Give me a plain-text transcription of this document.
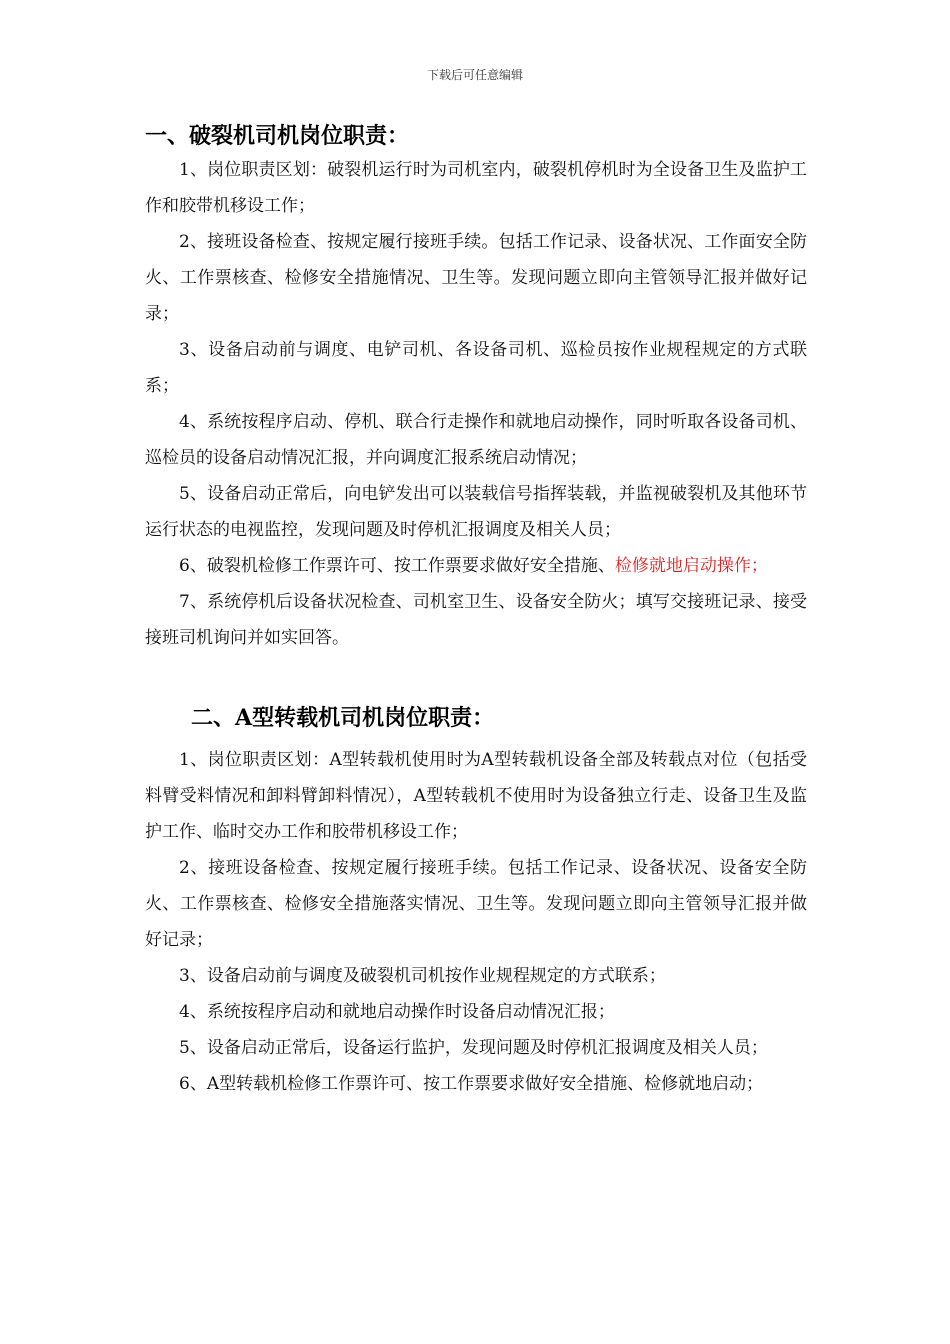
下载后可任意编辑
一、破裂机司机岗位职责：

1、岗位职责区划：破裂机运行时为司机室内，破裂机停机时为全设备卫生及监护工作和胶带机移设工作；

2、接班设备检查、按规定履行接班手续。包括工作记录、设备状况、工作面安全防火、工作票核查、检修安全措施情况、卫生等。发现问题立即向主管领导汇报并做好记录；

3、设备启动前与调度、电铲司机、各设备司机、巡检员按作业规程规定的方式联系；

4、系统按程序启动、停机、联合行走操作和就地启动操作，同时听取各设备司机、巡检员的设备启动情况汇报，并向调度汇报系统启动情况；

5、设备启动正常后，向电铲发出可以装载信号指挥装载，并监视破裂机及其他环节运行状态的电视监控，发现问题及时停机汇报调度及相关人员；

6、破裂机检修工作票许可、按工作票要求做好安全措施、检修就地启动操作；

7、系统停机后设备状况检查、司机室卫生、设备安全防火；填写交接班记录、接受接班司机询问并如实回答。

二、A型转载机司机岗位职责：

1、岗位职责区划：A型转载机使用时为A型转载机设备全部及转载点对位（包括受料臂受料情况和卸料臂卸料情况），A型转载机不使用时为设备独立行走、设备卫生及监护工作、临时交办工作和胶带机移设工作；

2、接班设备检查、按规定履行接班手续。包括工作记录、设备状况、设备安全防火、工作票核查、检修安全措施落实情况、卫生等。发现问题立即向主管领导汇报并做好记录；

3、设备启动前与调度及破裂机司机按作业规程规定的方式联系；

4、系统按程序启动和就地启动操作时设备启动情况汇报；

5、设备启动正常后，设备运行监护，发现问题及时停机汇报调度及相关人员；

6、A型转载机检修工作票许可、按工作票要求做好安全措施、检修就地启动；
